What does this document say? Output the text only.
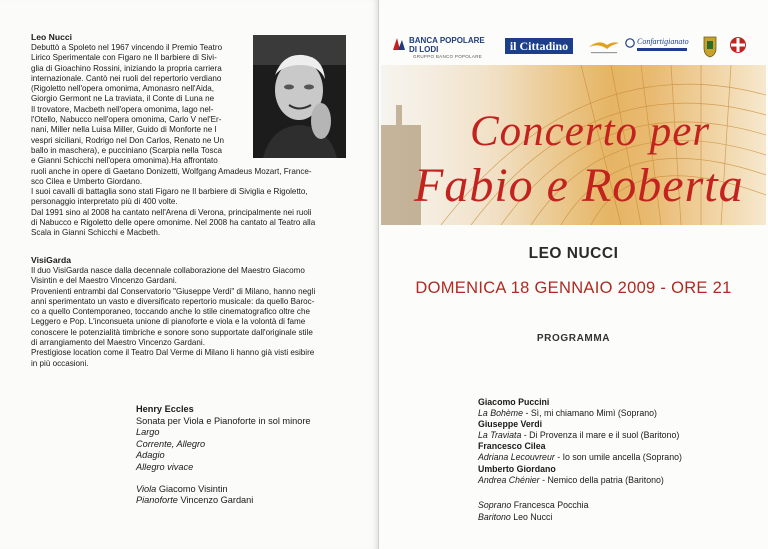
Leo Nucci
Debuttò a Spoleto nel 1967 vincendo il Premio Teatro
Lirico Sperimentale con Figaro ne Il barbiere di Sivi-
glia di Gioachino Rossini, iniziando la propria carriera
internazionale. Cantò nei ruoli del repertorio verdiano
(Rigoletto nell'opera omonima, Amonasro nell'Aida,
Giorgio Germont ne La traviata, il Conte di Luna ne
Il trovatore, Macbeth nell'opera omonima, Iago nel-
l'Otello, Nabucco nell'opera omonima, Carlo V nel'Er-
nani, Miller nella Luisa Miller, Guido di Monforte ne I
vespri siciliani, Rodrigo nel Don Carlos, Renato ne Un
ballo in maschera), e pucciniano (Scarpia nella Tosca
e Gianni Schicchi nell'opera omonima).Ha affrontato
ruoli anche in opere di Gaetano Donizetti, Wolfgang Amadeus Mozart, France-
sco Cilea e Umberto Giordano.
I suoi cavalli di battaglia sono stati Figaro ne Il barbiere di Siviglia e Rigoletto,
personaggio interpretato più di 400 volte.
Dal 1991 sino al 2008 ha cantato nell'Arena di Verona, principalmente nei ruoli
di Nabucco e Rigoletto delle opere omonime. Nel 2008 ha cantato al Teatro alla
Scala in Gianni Schicchi e Macbeth.
VisiGarda
Il duo VisiGarda nasce dalla decennale collaborazione del Maestro Giacomo
Visintin e del Maestro Vincenzo Gardani.
Provenienti entrambi dal Conservatorio "Giuseppe Verdi" di Milano, hanno negli
anni sperimentato un vasto e diversificato repertorio musicale: da quello Baroc-
co a quello Contemporaneo, toccando anche lo stile cinematografico oltre che
Leggero e Pop. L'inconsueta unione di pianoforte e viola e la volontà di fame
conoscere le potenzialità timbriche e sonore sono supportate dall'originale stile
di arrangiamento del Maestro Vincenzo Gardani.
Prestigiose location come il Teatro Dal Verme di Milano li hanno già visti esibire
in più occasioni.
Henry Eccles
Sonata per Viola e Pianoforte in sol minore
Largo
Corrente, Allegro
Adagio
Allegro vivace
Viola Giacomo Visintin
Pianoforte Vincenzo Gardani
BANCA POPOLARE
DI LODI
GRUPPO BANCO POPOLARE
il Cittadino	Confartigianato
Concerto per
Fabio e Roberta
LEO NUCCI
DOMENICA 18 GENNAIO 2009 - ORE 21
PROGRAMMA
Giacomo Puccini
La Bohème - Sì, mi chiamano Mimì (Soprano)
Giuseppe Verdi
La Traviata - Di Provenza il mare e il suol (Baritono)
Francesco Cilea
Adriana Lecouvreur - Io son umile ancella (Soprano)
Umberto Giordano
Andrea Chénier - Nemico della patria (Baritono)
Soprano Francesca Pocchia
Baritono Leo Nucci
